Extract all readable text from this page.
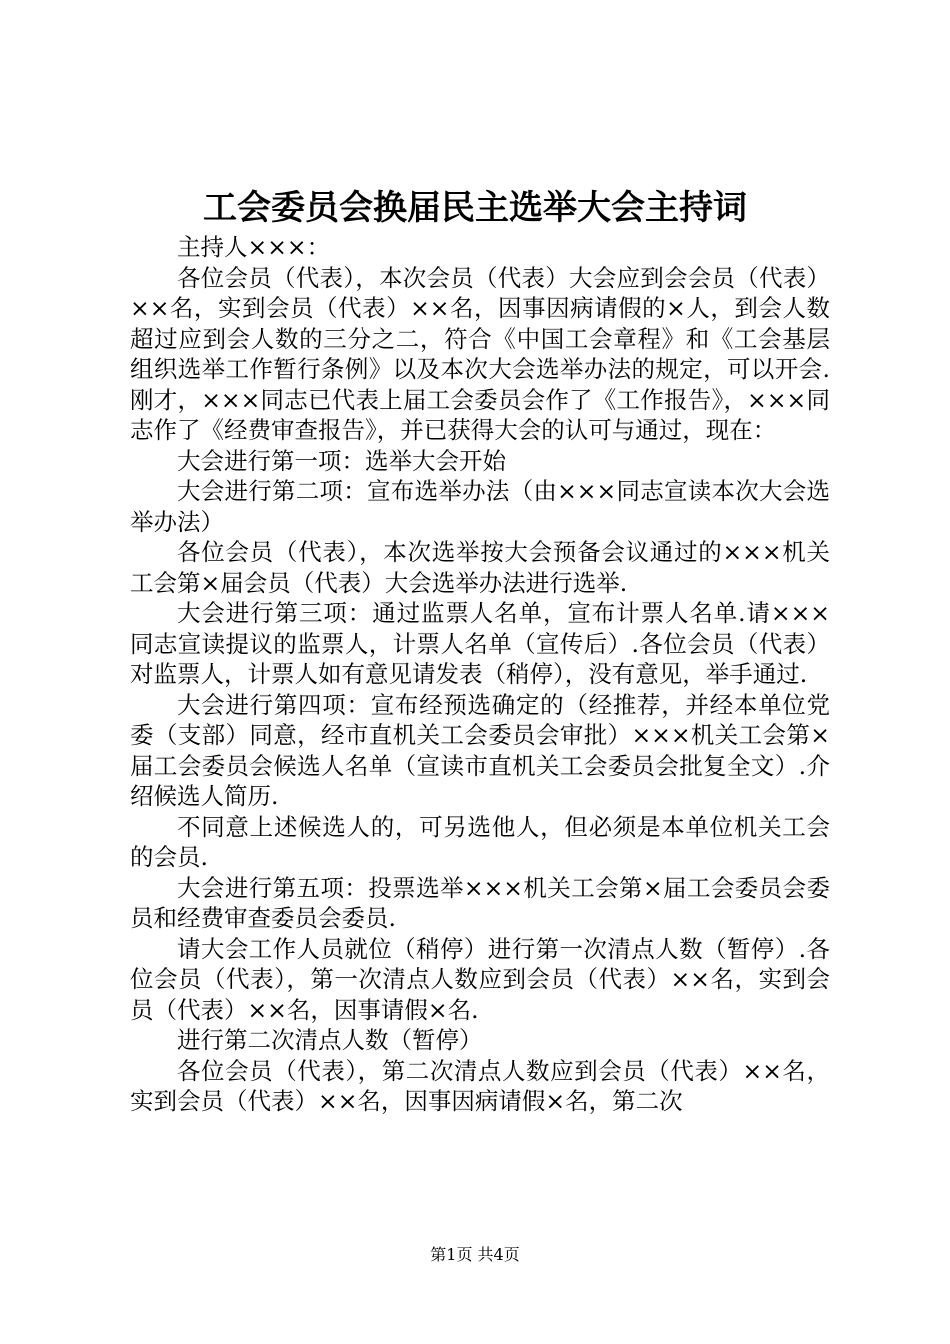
工会委员会换届民主选举大会主持词

主持人×××：

各位会员（代表），本次会员（代表）大会应到会会员（代表）××名，实到会员（代表）××名，因事因病请假的×人，到会人数超过应到会人数的三分之二，符合《中国工会章程》和《工会基层组织选举工作暂行条例》以及本次大会选举办法的规定，可以开会.刚才，×××同志已代表上届工会委员会作了《工作报告》，×××同志作了《经费审查报告》，并已获得大会的认可与通过，现在：

大会进行第一项：选举大会开始

大会进行第二项：宣布选举办法（由×××同志宣读本次大会选举办法）

各位会员（代表），本次选举按大会预备会议通过的×××机关工会第×届会员（代表）大会选举办法进行选举.

大会进行第三项：通过监票人名单，宣布计票人名单.请×××同志宣读提议的监票人，计票人名单（宣传后）.各位会员（代表）对监票人，计票人如有意见请发表（稍停），没有意见，举手通过.

大会进行第四项：宣布经预选确定的（经推荐，并经本单位党委（支部）同意，经市直机关工会委员会审批）×××机关工会第×届工会委员会候选人名单（宣读市直机关工会委员会批复全文）.介绍候选人简历.

不同意上述候选人的，可另选他人，但必须是本单位机关工会的会员.

大会进行第五项：投票选举×××机关工会第×届工会委员会委员和经费审查委员会委员.

请大会工作人员就位（稍停）进行第一次清点人数（暂停）.各位会员（代表），第一次清点人数应到会员（代表）××名，实到会员（代表）××名，因事请假×名.

进行第二次清点人数（暂停）

各位会员（代表），第二次清点人数应到会员（代表）××名，实到会员（代表）××名，因事因病请假×名，第二次

第1页 共4页
